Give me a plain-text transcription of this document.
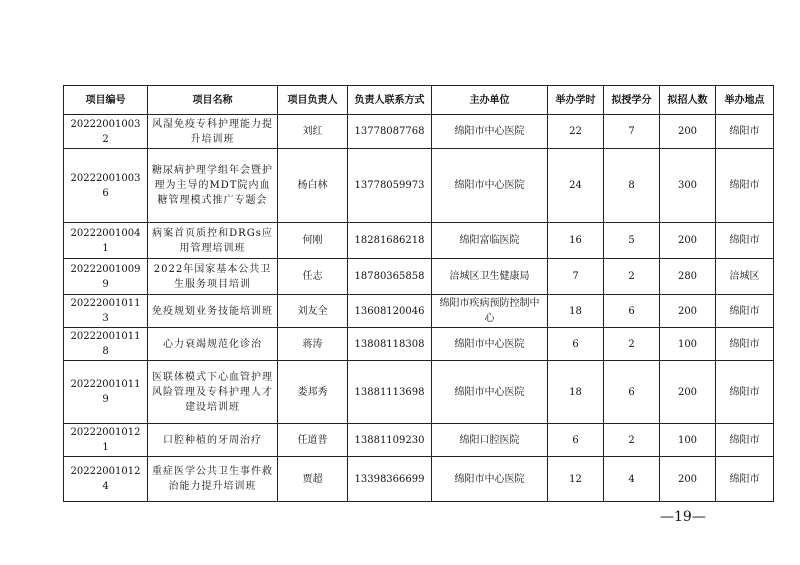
项目编号	项目名称	项目负责人	负责人联系方式	主办单位	举办学时	拟授学分	拟招人数	举办地点
202220010032	风湿免疫专科护理能力提升培训班	刘红	13778087768	绵阳市中心医院	22	7	200	绵阳市
202220010036	糖尿病护理学组年会暨护理为主导的MDT院内血糖管理模式推广专题会	杨白林	13778059973	绵阳市中心医院	24	8	300	绵阳市
202220010041	病案首页质控和DRGs应用管理培训班	何刚	18281686218	绵阳富临医院	16	5	200	绵阳市
202220010099	2022年国家基本公共卫生服务项目培训	任志	18780365858	涪城区卫生健康局	7	2	280	涪城区
202220010113	免疫规划业务技能培训班	刘友全	13608120046	绵阳市疾病预防控制中心	18	6	200	绵阳市
202220010118	心力衰竭规范化诊治	蒋涛	13808118308	绵阳市中心医院	6	2	100	绵阳市
202220010119	医联体模式下心血管护理风险管理及专科护理人才建设培训班	娄邦秀	13881113698	绵阳市中心医院	18	6	200	绵阳市
202220010121	口腔种植的牙周治疗	任道普	13881109230	绵阳口腔医院	6	2	100	绵阳市
202220010124	重症医学公共卫生事件救治能力提升培训班	贾超	13398366699	绵阳市中心医院	12	4	200	绵阳市
—19—
